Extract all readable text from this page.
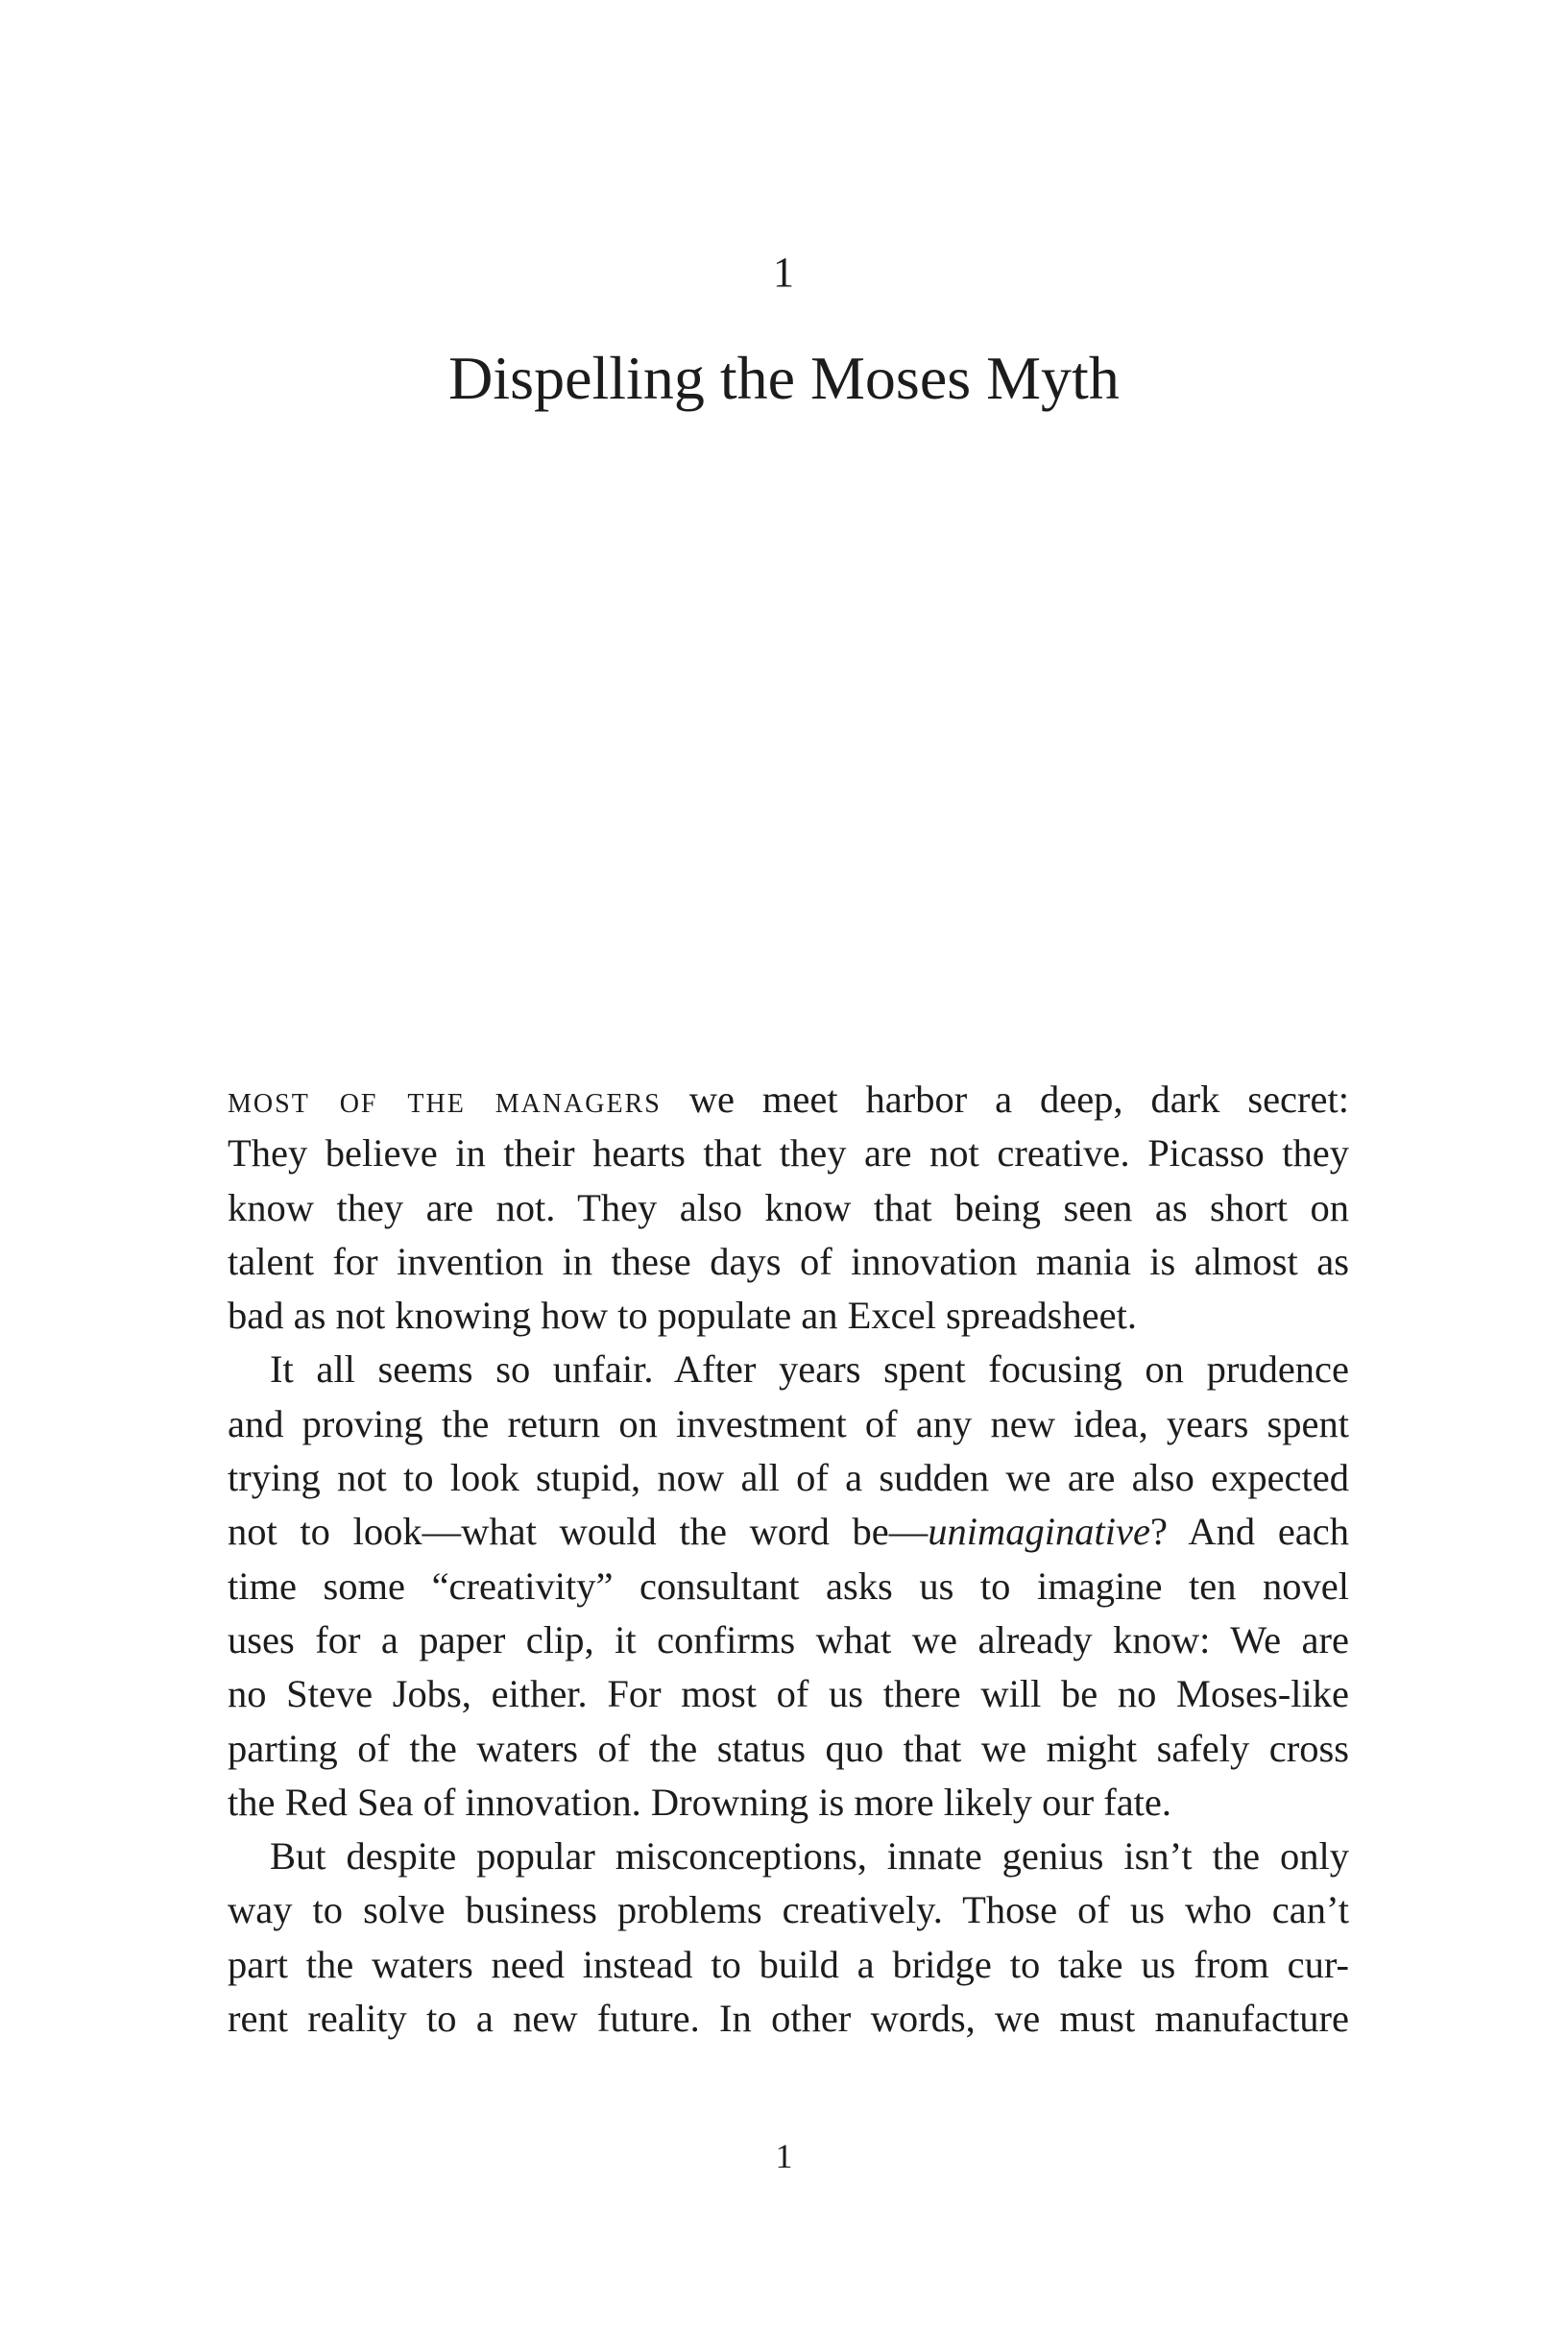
1
Dispelling the Moses Myth
most of the managers we meet harbor a deep, dark secret:
They believe in their hearts that they are not creative. Picasso they
know they are not. They also know that being seen as short on
talent for invention in these days of innovation mania is almost as
bad as not knowing how to populate an Excel spreadsheet.
It all seems so unfair. After years spent focusing on prudence
and proving the return on investment of any new idea, years spent
trying not to look stupid, now all of a sudden we are also expected
not to look—what would the word be—unimaginative? And each
time some “creativity” consultant asks us to imagine ten novel
uses for a paper clip, it confirms what we already know: We are
no Steve Jobs, either. For most of us there will be no Moses-like
parting of the waters of the status quo that we might safely cross
the Red Sea of innovation. Drowning is more likely our fate.
But despite popular misconceptions, innate genius isn’t the only
way to solve business problems creatively. Those of us who can’t
part the waters need instead to build a bridge to take us from cur-
rent reality to a new future. In other words, we must manufacture
1
